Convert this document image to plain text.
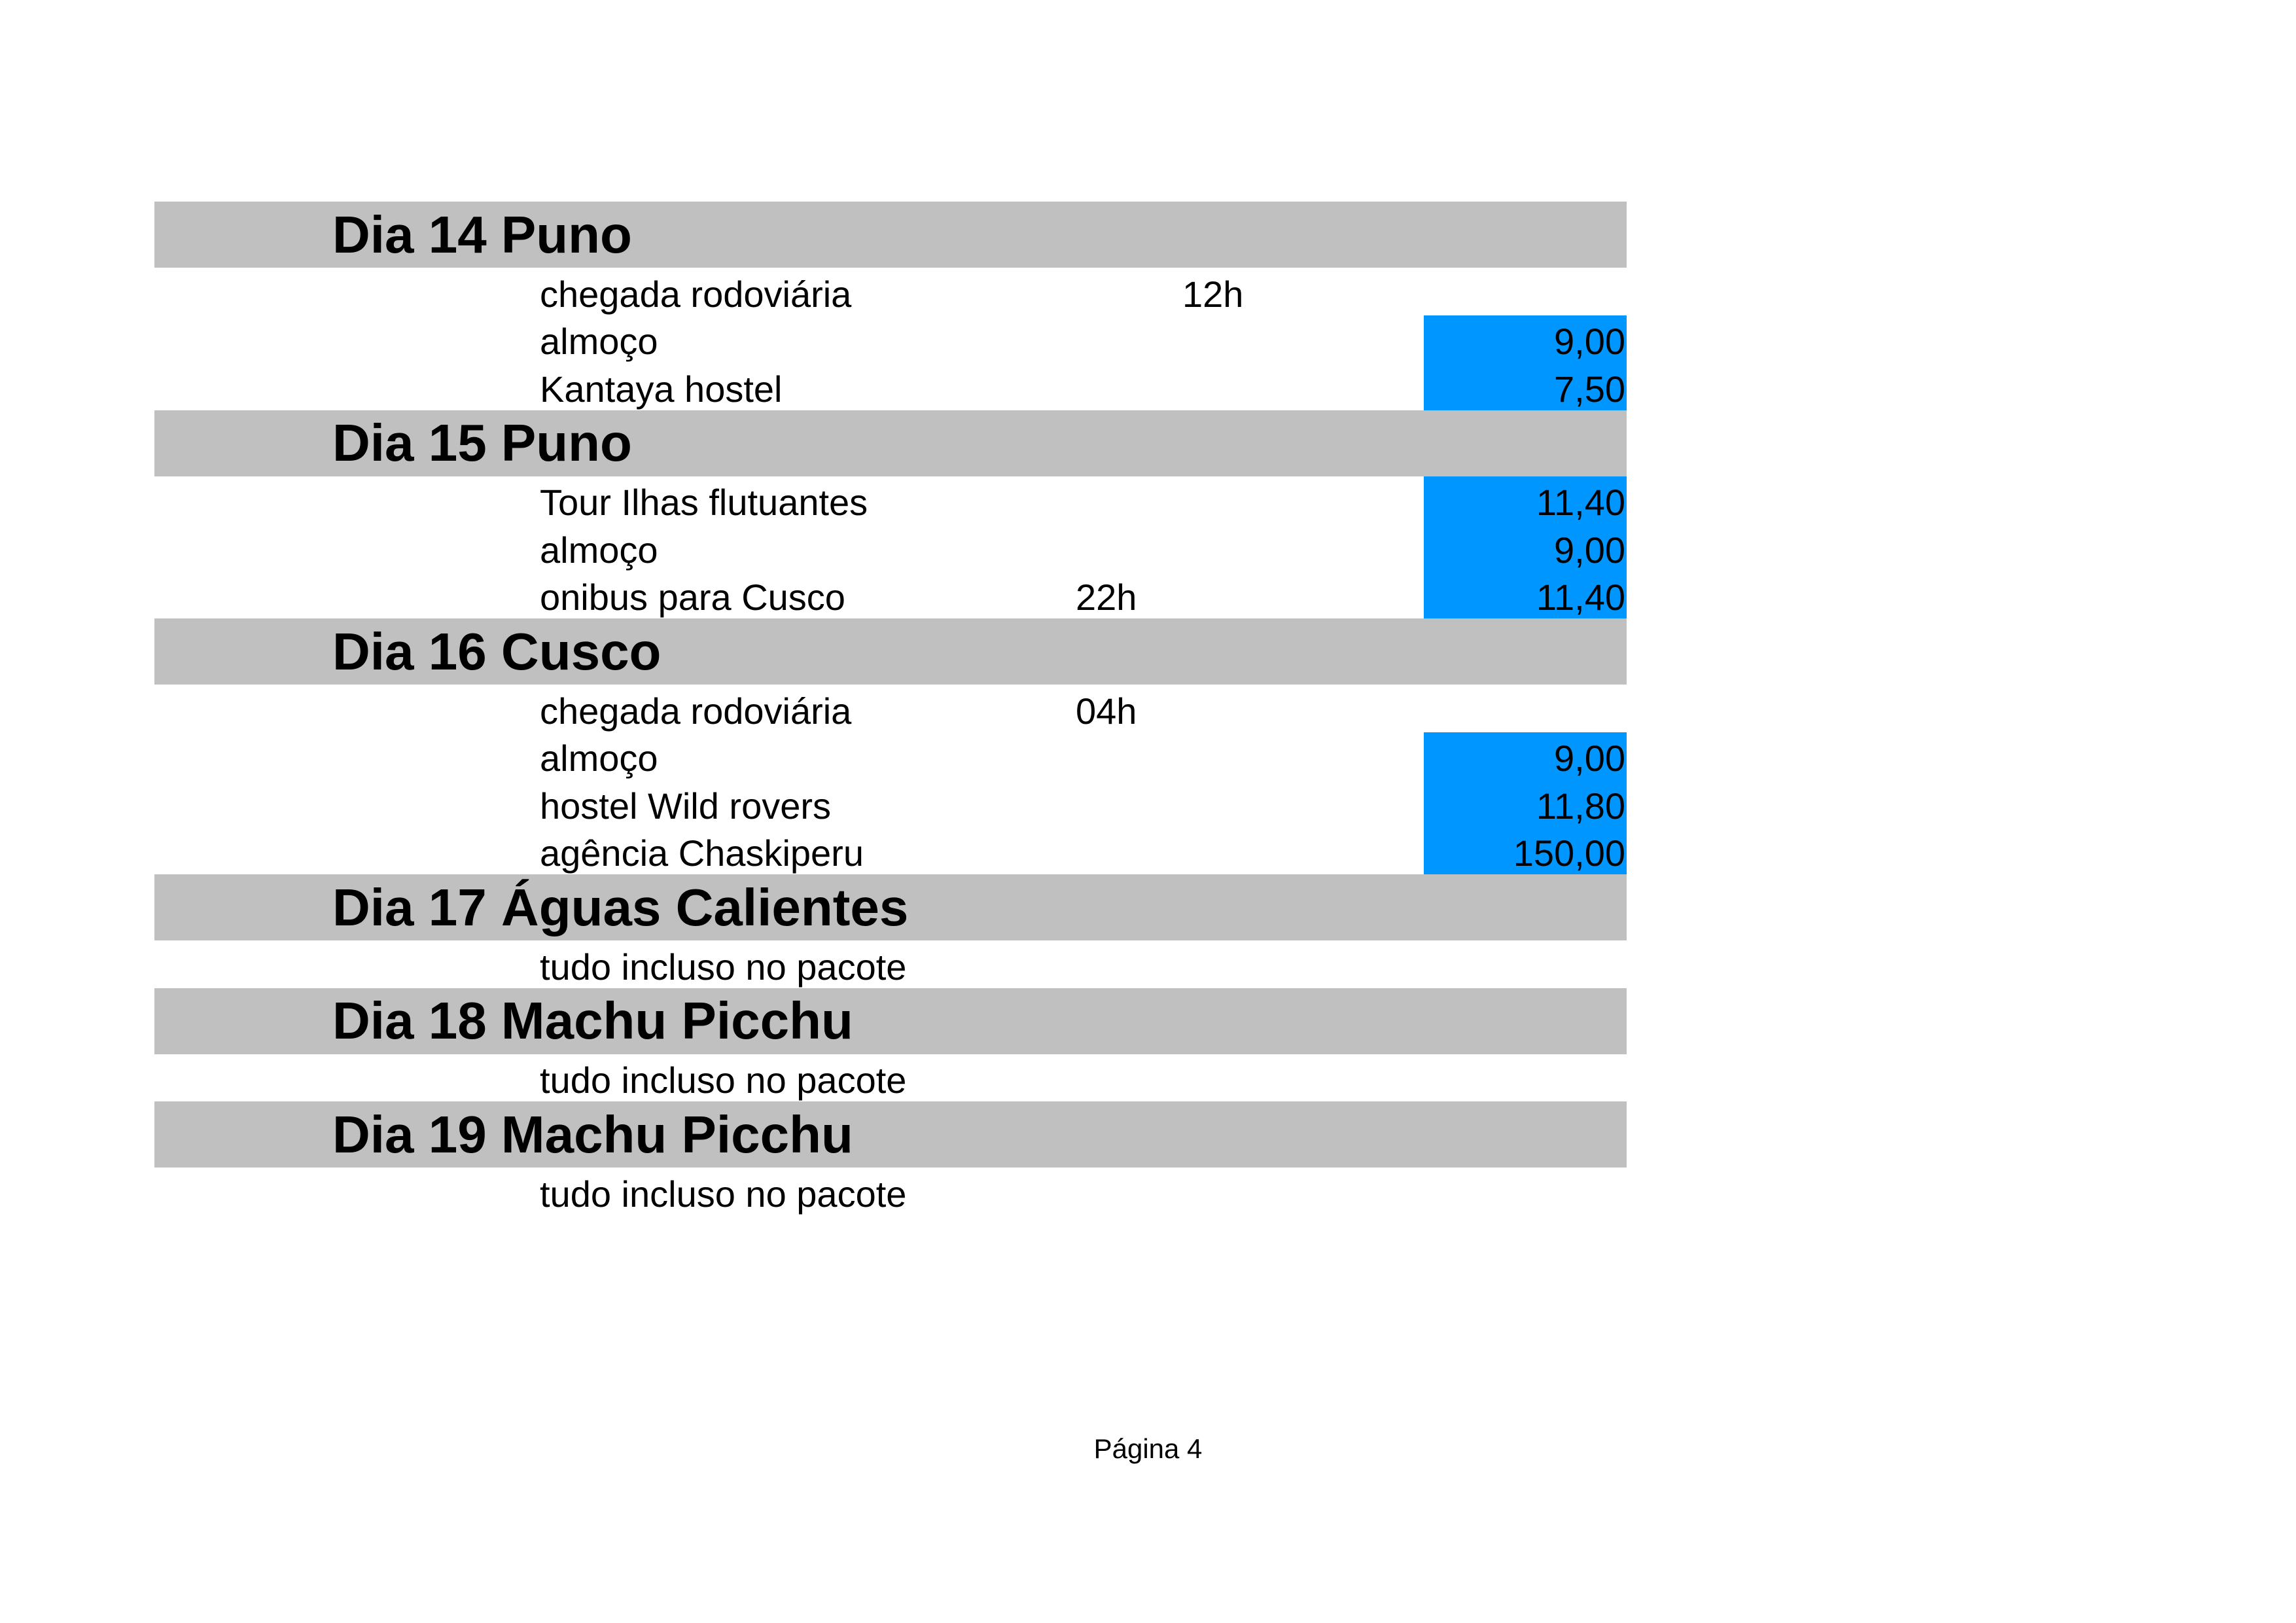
Dia 14 Puno
chegada rodoviária	12h
almoço	9,00
Kantaya hostel	7,50
Dia 15 Puno
Tour Ilhas flutuantes	11,40
almoço	9,00
onibus para Cusco	22h	11,40
Dia 16 Cusco
chegada rodoviária	04h
almoço	9,00
hostel Wild rovers	11,80
agência Chaskiperu	150,00
Dia 17 Águas Calientes
tudo incluso no pacote
Dia 18 Machu Picchu
tudo incluso no pacote
Dia 19 Machu Picchu
tudo incluso no pacote
Página 4
